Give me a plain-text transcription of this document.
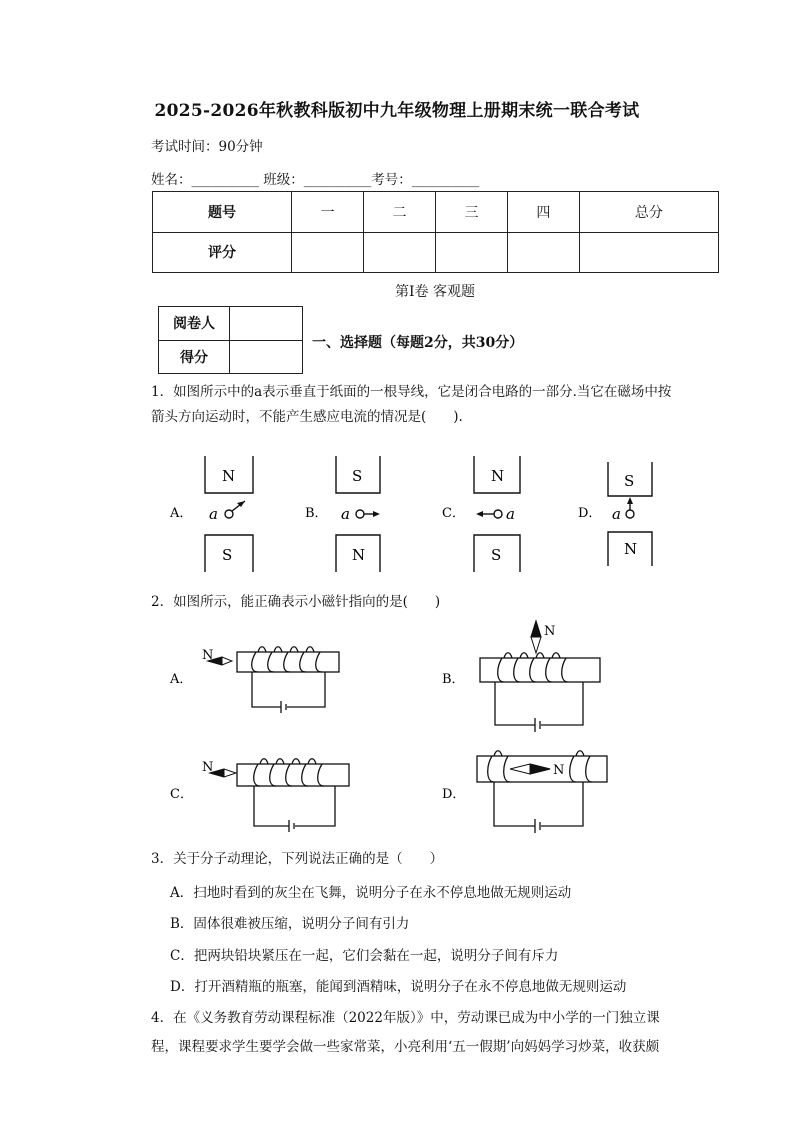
2025-2026年秋教科版初中九年级物理上册期末统一联合考试
考试时间：90分钟
姓名：__________ 班级：__________考号：__________
题号	一	二	三	四	总分
评分					
第Ⅰ卷 客观题
阅卷人	
得分	
一、选择题（每题2分，共30分）
1．如图所示中的a表示垂直于纸面的一根导线，它是闭合电路的一部分.当它在磁场中按
箭头方向运动时，不能产生感应电流的情况是(　　).
N
S
S
N
N
S
S
N
a	a	a	a
A．	B．	C．	D．
2．如图所示，能正确表示小磁针指向的是(　　)
N
N
N	N
A．	B．
C．	D．
3．关于分子动理论，下列说法正确的是（　　）
A．扫地时看到的灰尘在飞舞，说明分子在永不停息地做无规则运动
B．固体很难被压缩，说明分子间有引力
C．把两块铅块紧压在一起，它们会黏在一起，说明分子间有斥力
D．打开酒精瓶的瓶塞，能闻到酒精味，说明分子在永不停息地做无规则运动
4．在《义务教育劳动课程标准（2022年版）》中，劳动课已成为中小学的一门独立课
程，课程要求学生要学会做一些家常菜，小亮利用‘五一假期’向妈妈学习炒菜，收获颇
